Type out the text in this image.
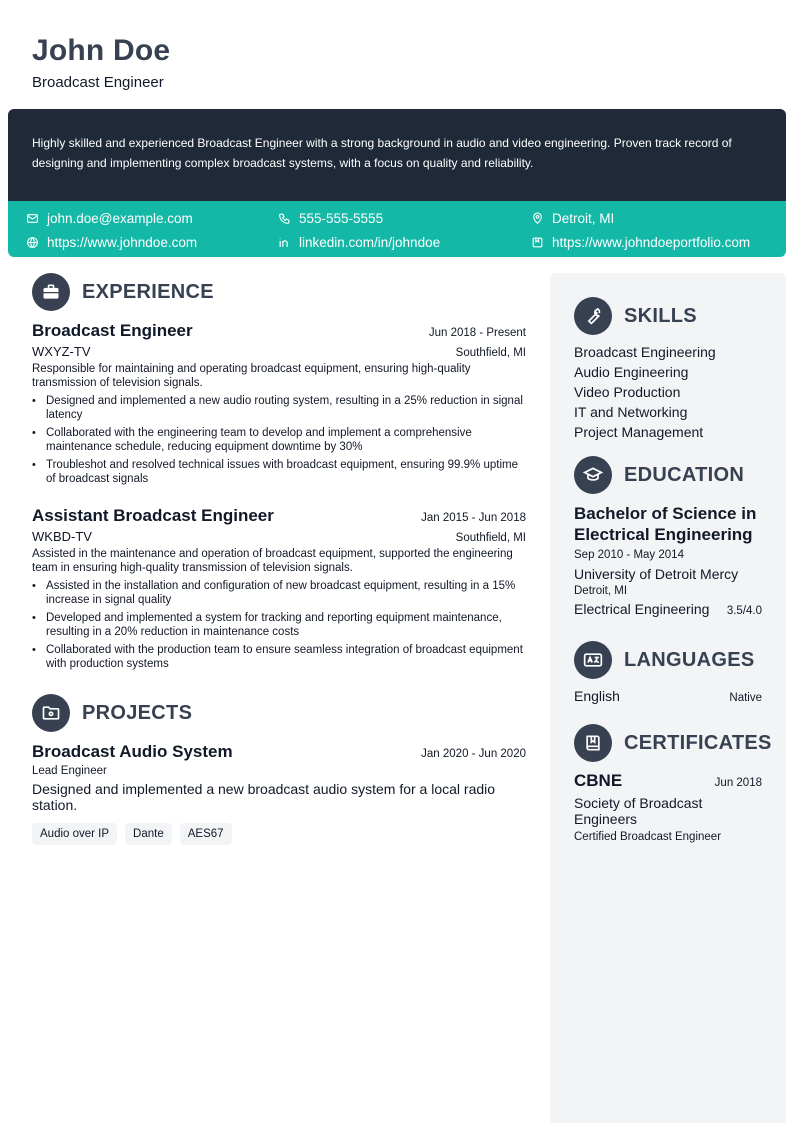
John Doe
Broadcast Engineer

Highly skilled and experienced Broadcast Engineer with a strong background in audio and video engineering. Proven track record of designing and implementing complex broadcast systems, with a focus on quality and reliability.

john.doe@example.com	555-555-5555	Detroit, MI
https://www.johndoe.com	linkedin.com/in/johndoe	https://www.johndoeportfolio.com
EXPERIENCE
Broadcast Engineer	Jun 2018 - Present
WXYZ-TV	Southfield, MI
Responsible for maintaining and operating broadcast equipment, ensuring high-quality transmission of television signals.
• Designed and implemented a new audio routing system, resulting in a 25% reduction in signal latency
• Collaborated with the engineering team to develop and implement a comprehensive maintenance schedule, reducing equipment downtime by 30%
• Troubleshot and resolved technical issues with broadcast equipment, ensuring 99.9% uptime of broadcast signals
Assistant Broadcast Engineer	Jan 2015 - Jun 2018
WKBD-TV	Southfield, MI
Assisted in the maintenance and operation of broadcast equipment, supported the engineering team in ensuring high-quality transmission of television signals.
• Assisted in the installation and configuration of new broadcast equipment, resulting in a 15% increase in signal quality
• Developed and implemented a system for tracking and reporting equipment maintenance, resulting in a 20% reduction in maintenance costs
• Collaborated with the production team to ensure seamless integration of broadcast equipment with production systems
PROJECTS
Broadcast Audio System	Jan 2020 - Jun 2020
Lead Engineer
Designed and implemented a new broadcast audio system for a local radio station.
Audio over IP	Dante	AES67
SKILLS
Broadcast Engineering
Audio Engineering
Video Production
IT and Networking
Project Management
EDUCATION
Bachelor of Science in Electrical Engineering
Sep 2010 - May 2014
University of Detroit Mercy
Detroit, MI
Electrical Engineering 3.5/4.0
LANGUAGES
English	Native
CERTIFICATES
CBNE	Jun 2018
Society of Broadcast Engineers
Certified Broadcast Engineer
